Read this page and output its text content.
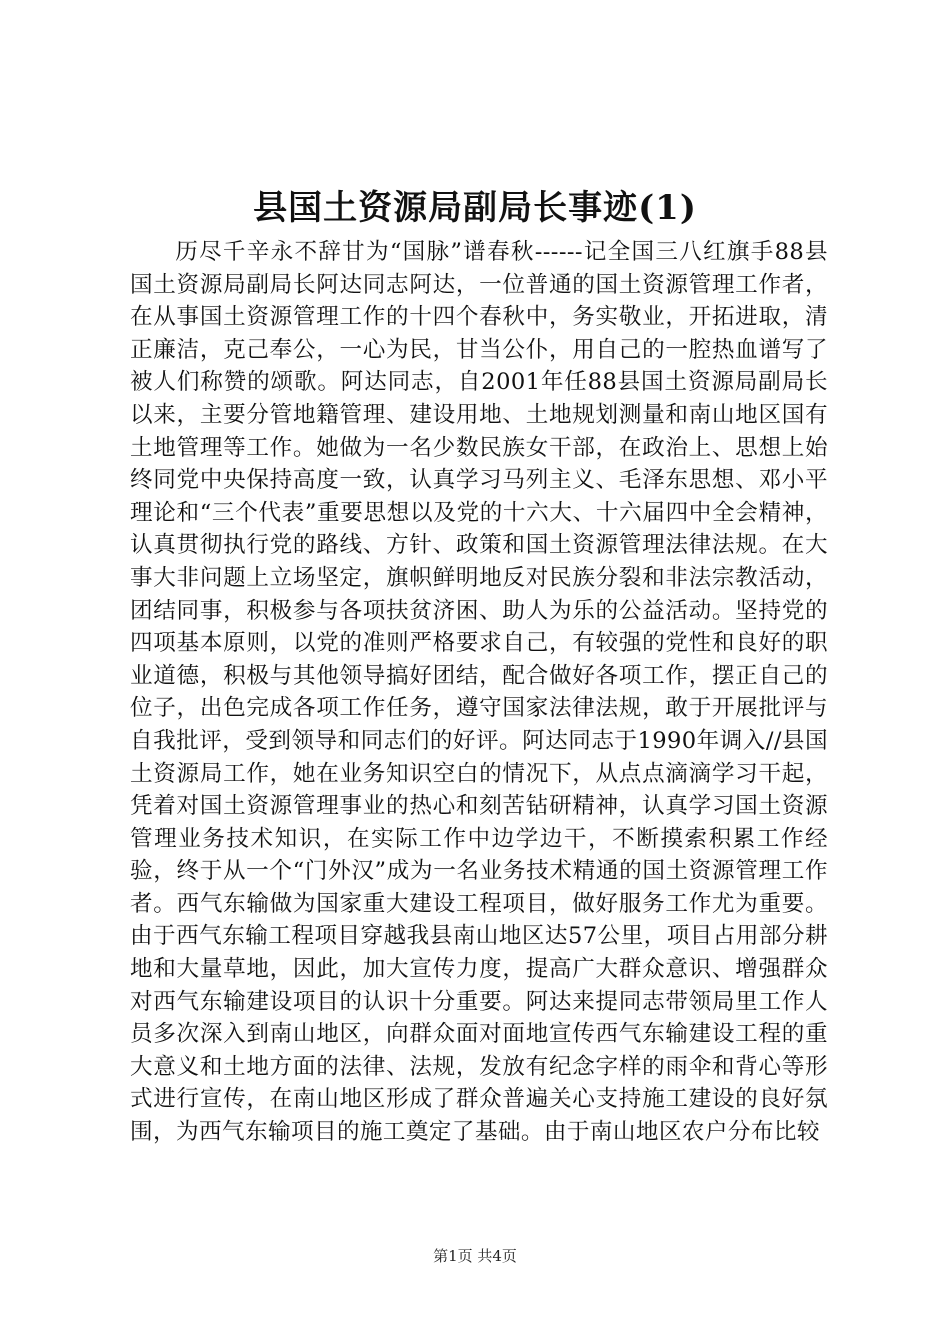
县国土资源局副局长事迹(1)

历尽千辛永不辞甘为“国脉”谱春秋------记全国三八红旗手88县国土资源局副局长阿达同志阿达，一位普通的国土资源管理工作者，在从事国土资源管理工作的十四个春秋中，务实敬业，开拓进取，清正廉洁，克己奉公，一心为民，甘当公仆，用自己的一腔热血谱写了被人们称赞的颂歌。阿达同志，自2001年任88县国土资源局副局长以来，主要分管地籍管理、建设用地、土地规划测量和南山地区国有土地管理等工作。她做为一名少数民族女干部，在政治上、思想上始终同党中央保持高度一致，认真学习马列主义、毛泽东思想、邓小平理论和“三个代表”重要思想以及党的十六大、十六届四中全会精神，认真贯彻执行党的路线、方针、政策和国土资源管理法律法规。在大事大非问题上立场坚定，旗帜鲜明地反对民族分裂和非法宗教活动，团结同事，积极参与各项扶贫济困、助人为乐的公益活动。坚持党的四项基本原则，以党的准则严格要求自己，有较强的党性和良好的职业道德，积极与其他领导搞好团结，配合做好各项工作，摆正自己的位子，出色完成各项工作任务，遵守国家法律法规，敢于开展批评与自我批评，受到领导和同志们的好评。阿达同志于1990年调入//县国土资源局工作，她在业务知识空白的情况下，从点点滴滴学习干起，凭着对国土资源管理事业的热心和刻苦钻研精神，认真学习国土资源管理业务技术知识，在实际工作中边学边干，不断摸索积累工作经验，终于从一个“门外汉”成为一名业务技术精通的国土资源管理工作者。西气东输做为国家重大建设工程项目，做好服务工作尤为重要。由于西气东输工程项目穿越我县南山地区达57公里，项目占用部分耕地和大量草地，因此，加大宣传力度，提高广大群众意识、增强群众对西气东输建设项目的认识十分重要。阿达来提同志带领局里工作人员多次深入到南山地区，向群众面对面地宣传西气东输建设工程的重大意义和土地方面的法律、法规，发放有纪念字样的雨伞和背心等形式进行宣传，在南山地区形成了群众普遍关心支持施工建设的良好氛围，为西气东输项目的施工奠定了基础。由于南山地区农户分布比较

第1页 共4页
